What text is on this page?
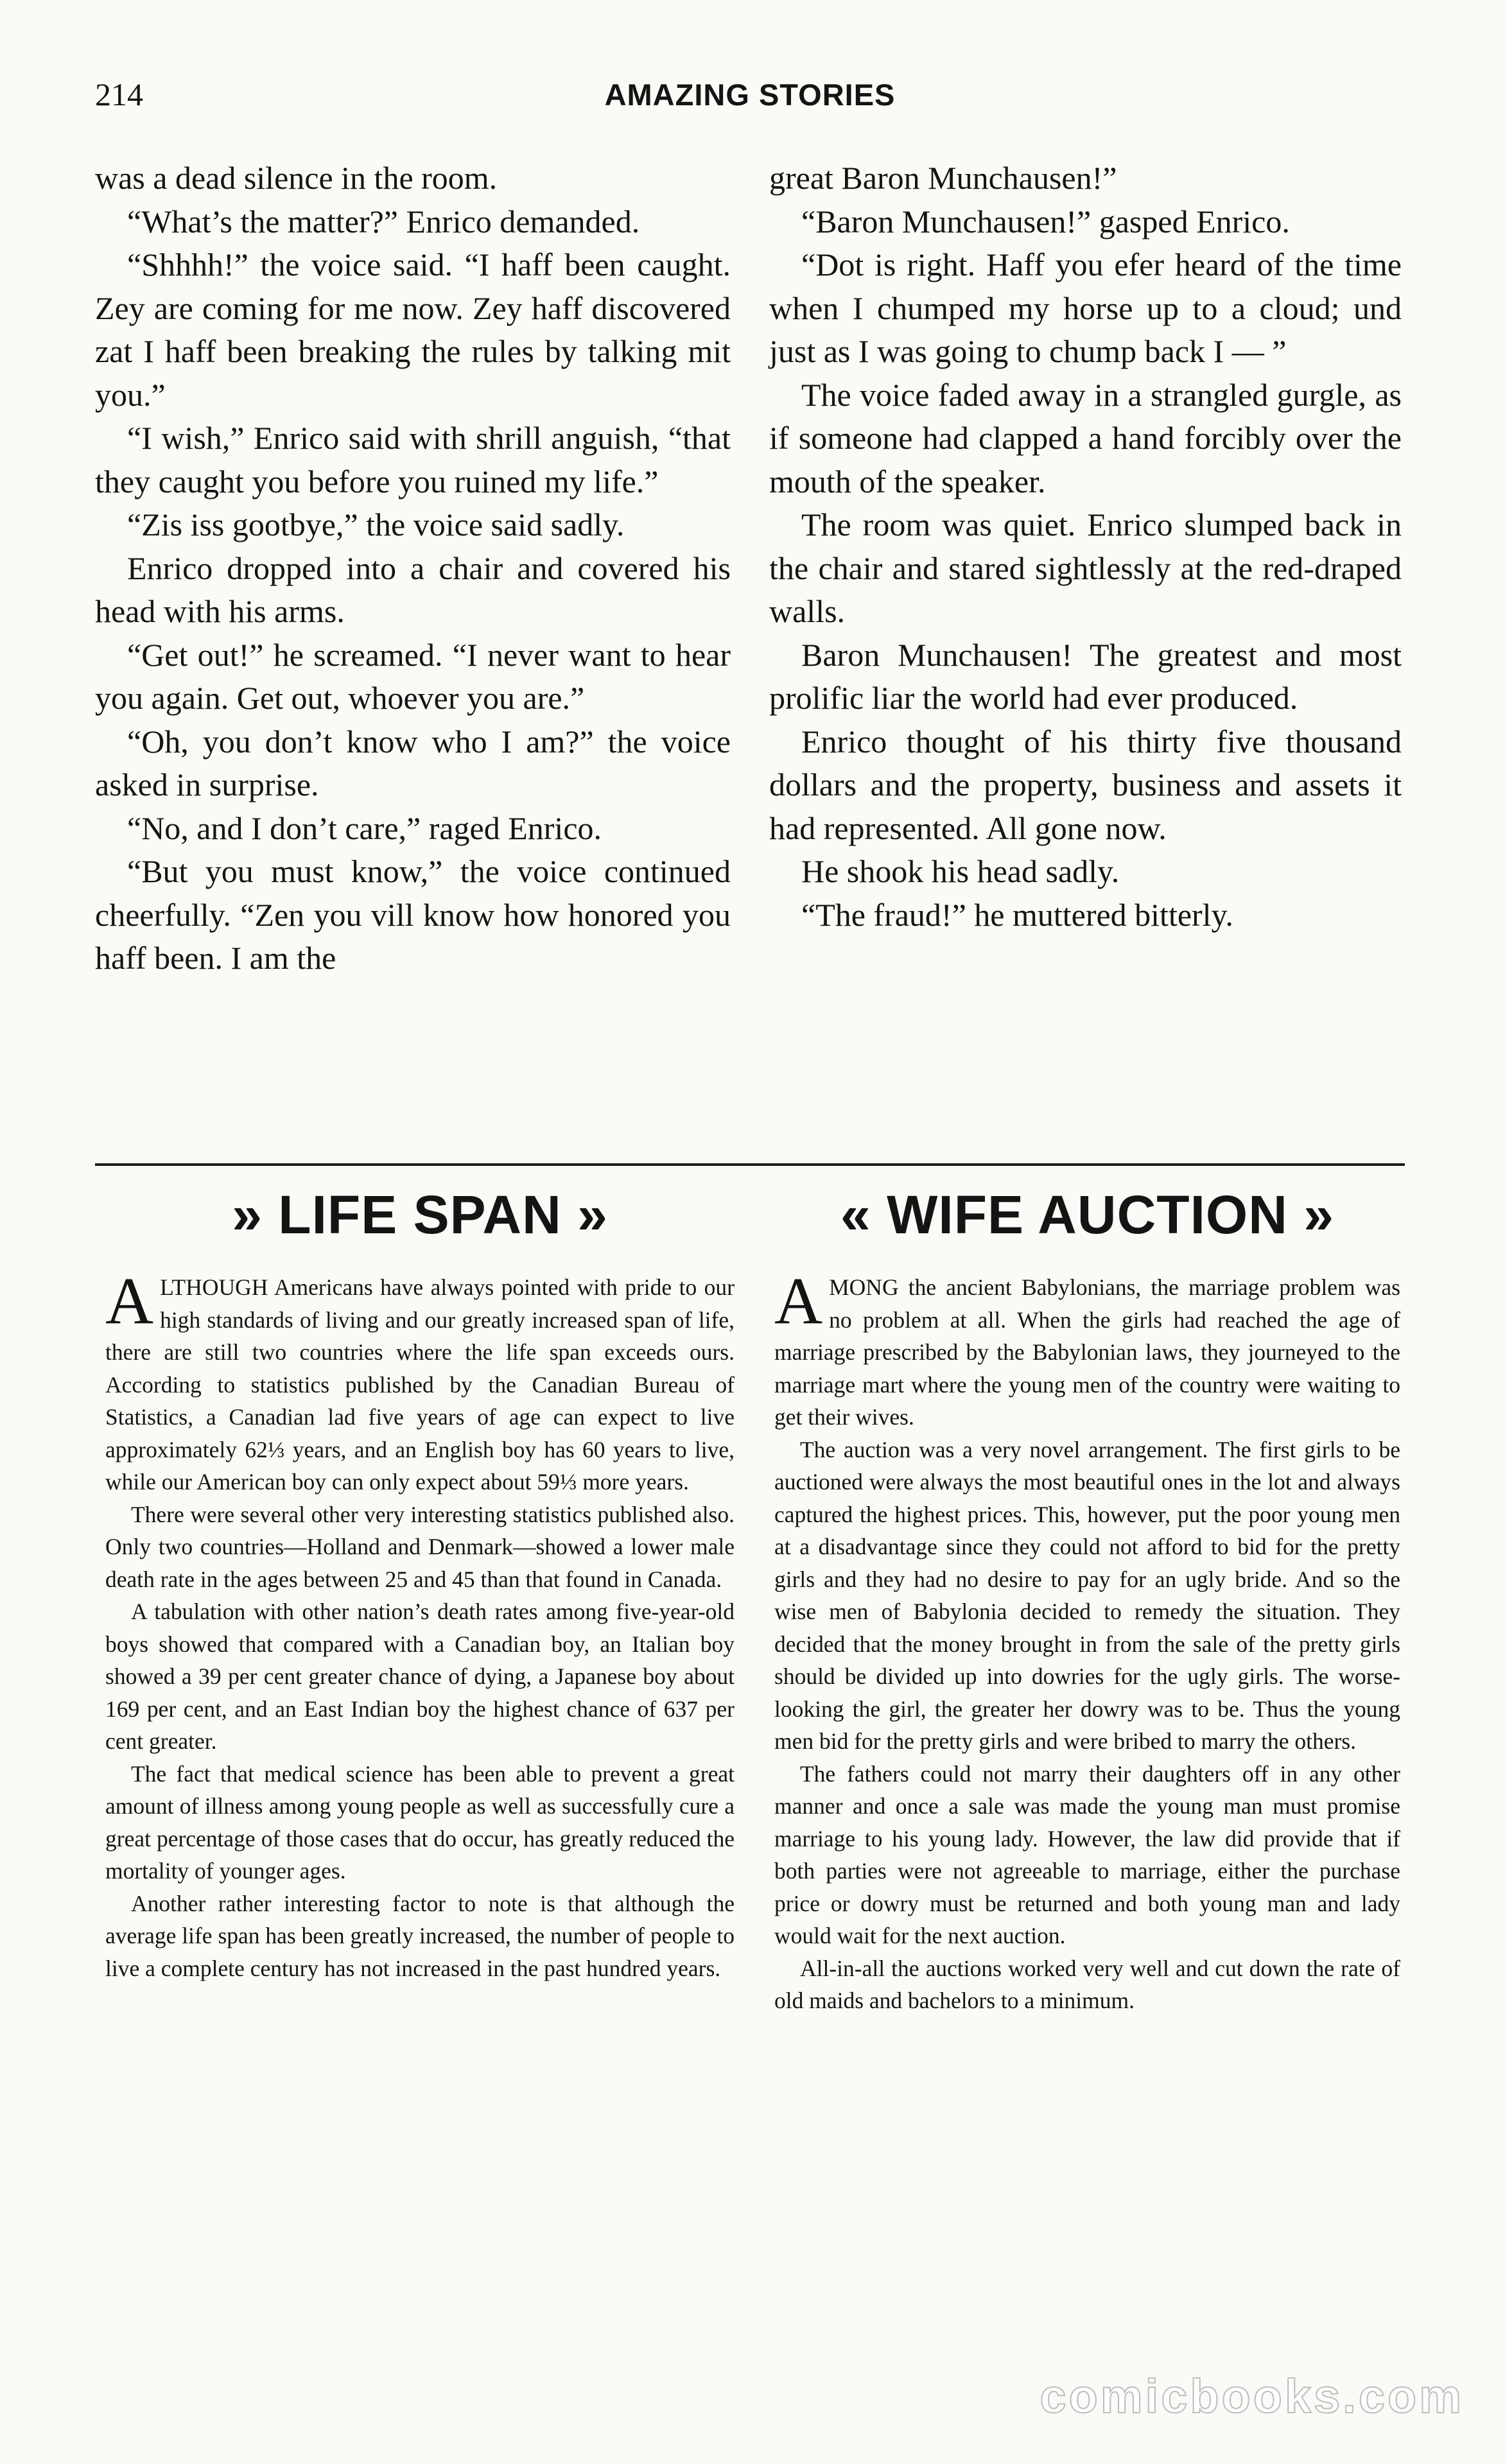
214	AMAZING STORIES

was a dead silence in the room.

“What’s the matter?” Enrico demanded.

“Shhhh!” the voice said. “I haff been caught. Zey are coming for me now. Zey haff discovered zat I haff been breaking the rules by talking mit you.”

“I wish,” Enrico said with shrill anguish, “that they caught you before you ruined my life.”

“Zis iss gootbye,” the voice said sadly.

Enrico dropped into a chair and covered his head with his arms.

“Get out!” he screamed. “I never want to hear you again. Get out, whoever you are.”

“Oh, you don’t know who I am?” the voice asked in surprise.

“No, and I don’t care,” raged Enrico.

“But you must know,” the voice continued cheerfully. “Zen you vill know how honored you haff been. I am the

great Baron Munchausen!”

“Baron Munchausen!” gasped Enrico.

“Dot is right. Haff you efer heard of the time when I chumped my horse up to a cloud; und just as I was going to chump back I — ”

The voice faded away in a strangled gurgle, as if someone had clapped a hand forcibly over the mouth of the speaker.

The room was quiet. Enrico slumped back in the chair and stared sightlessly at the red-draped walls.

Baron Munchausen! The greatest and most prolific liar the world had ever produced.

Enrico thought of his thirty five thousand dollars and the property, business and assets it had represented. All gone now.

He shook his head sadly.

“The fraud!” he muttered bitterly.

» LIFE SPAN »

ALTHOUGH Americans have always pointed with pride to our high standards of living and our greatly increased span of life, there are still two countries where the life span exceeds ours. According to statistics published by the Canadian Bureau of Statistics, a Canadian lad five years of age can expect to live approximately 62⅓ years, and an English boy has 60 years to live, while our American boy can only expect about 59⅓ more years.

There were several other very interesting statistics published also. Only two countries—Holland and Denmark—showed a lower male death rate in the ages between 25 and 45 than that found in Canada.

A tabulation with other nation’s death rates among five-year-old boys showed that compared with a Canadian boy, an Italian boy showed a 39 per cent greater chance of dying, a Japanese boy about 169 per cent, and an East Indian boy the highest chance of 637 per cent greater.

The fact that medical science has been able to prevent a great amount of illness among young people as well as successfully cure a great percentage of those cases that do occur, has greatly reduced the mortality of younger ages.

Another rather interesting factor to note is that although the average life span has been greatly increased, the number of people to live a complete century has not increased in the past hundred years.

« WIFE AUCTION »

AMONG the ancient Babylonians, the marriage problem was no problem at all. When the girls had reached the age of marriage prescribed by the Babylonian laws, they journeyed to the marriage mart where the young men of the country were waiting to get their wives.

The auction was a very novel arrangement. The first girls to be auctioned were always the most beautiful ones in the lot and always captured the highest prices. This, however, put the poor young men at a disadvantage since they could not afford to bid for the pretty girls and they had no desire to pay for an ugly bride. And so the wise men of Babylonia decided to remedy the situation. They decided that the money brought in from the sale of the pretty girls should be divided up into dowries for the ugly girls. The worse-looking the girl, the greater her dowry was to be. Thus the young men bid for the pretty girls and were bribed to marry the others.

The fathers could not marry their daughters off in any other manner and once a sale was made the young man must promise marriage to his young lady. However, the law did provide that if both parties were not agreeable to marriage, either the purchase price or dowry must be returned and both young man and lady would wait for the next auction.

All-in-all the auctions worked very well and cut down the rate of old maids and bachelors to a minimum.

comicbooks.com
